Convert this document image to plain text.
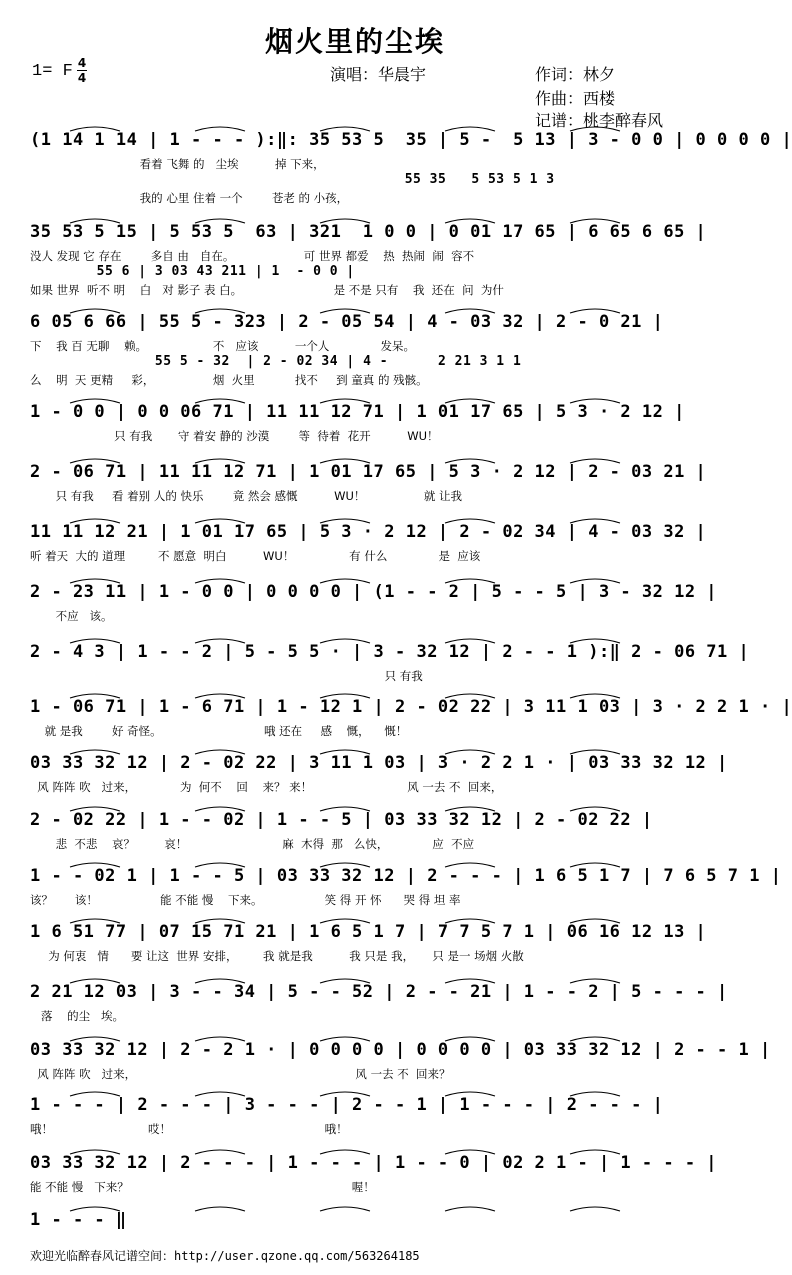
烟火里的尘埃
1= F 4
4	演唱：华晨宇	作词：林夕
作曲：西楼
记谱：桃李醉春风
(1 14 1 14 | 1 - - - ):‖: 35 53 5  35 | 5 -  5 13 | 3 - 0 0 | 0 0 0 0 |
看着 飞舞 的   尘埃          掉 下来，
55 35   5 53 5 1 3
我的 心里 住着 一个        苍老 的 小孩，
35 53 5 15 | 5 53 5  63 | 321  1 0 0 | 0 01 17 65 | 6 65 6 65 |
没人 发现 它 存在        多自 由   自在。                   可 世界 都爱    热  热闹  闹  容不
55 6 | 3 03 43 211 | 1  - 0 0 |
如果 世界  听不 明    白   对 影子 表 白。                         是 不是 只有    我  还在  问  为什
6 05 6 66 | 55 5 - 323 | 2 - 05 54 | 4 - 03 32 | 2 - 0 21 |
下    我 百 无聊    赖。                  不   应该          一个人              发呆。
55 5 - 32  | 2 - 02 34 | 4 -      2 21 3 1 1
么    明  天 更精     彩，                烟  火里           找不     到 童真 的 残骸。
1 - 0 0 | 0 0 06 71 | 11 11 12 71 | 1 01 17 65 | 5 3 · 2 12 |
只 有我       守 着安 静的 沙漠        等  待着  花开          WU！
2 - 06 71 | 11 11 12 71 | 1 01 17 65 | 5 3 · 2 12 | 2 - 03 21 |
只 有我     看 着别 人的 快乐        竟 然会 感慨          WU！                就 让我
11 11 12 21 | 1 01 17 65 | 5 3 · 2 12 | 2 - 02 34 | 4 - 03 32 |
听 着天  大的 道理         不 愿意  明白          WU！               有 什么              是  应该
2 - 23 11 | 1 - 0 0 | 0 0 0 0 | (1 - - 2 | 5 - - 5 | 3 - 32 12 |
不应   该。
2 - 4 3 | 1 - - 2 | 5 - 5 5 · | 3 - 32 12 | 2 - - 1 ):‖ 2 - 06 71 |
只 有我
1 - 06 71 | 1 - 6 71 | 1 - 12 1 | 2 - 02 22 | 3 11 1 03 | 3 · 2 2 1 · |
就 是我        好 奇怪。                            哦 还在     感    慨，    慨！
03 33 32 12 | 2 - 02 22 | 3 11 1 03 | 3 · 2 2 1 · | 03 33 32 12 |
风 阵阵 吹   过来，            为  何不    回    来？ 来！                          风 一去 不  回来，
2 - 02 22 | 1 - - 02 | 1 - - 5 | 03 33 32 12 | 2 - 02 22 |
悲  不悲    哀？        哀！                          麻  木得  那   么快，            应  不应
1 - - 02 1 | 1 - - 5 | 03 33 32 12 | 2 - - - | 1 6 5 1 7 | 7 6 5 7 1 |
该？      该！                 能 不能 慢    下来。                 笑 得 开 怀      哭 得 坦 率
1 6 51 77 | 07 15 71 21 | 1 6 5 1 7 | 7 7 5 7 1 | 06 16 12 13 |
为 何衷   情      要 让这  世界 安排，       我 就是我          我 只是 我，     只 是一 场烟 火散
2 21 12 03 | 3 - - 34 | 5 - - 52 | 2 - - 21 | 1 - - 2 | 5 - - - |
落    的尘   埃。
03 33 32 12 | 2 - 2 1 · | 0 0 0 0 | 0 0 0 0 | 03 33 32 12 | 2 - - 1 |
风 阵阵 吹   过来，                                                            风 一去 不  回来？
1 - - - | 2 - - - | 3 - - - | 2 - - 1 | 1 - - - | 2 - - - |
哦！                          哎！                                          哦！
03 33 32 12 | 2 - - - | 1 - - - | 1 - - 0 | 02 2 1 - | 1 - - - |
能 不能 慢   下来？                                                             喔！
1 - - - ‖
欢迎光临醉春风记谱空间：http://user.qzone.qq.com/563264185
